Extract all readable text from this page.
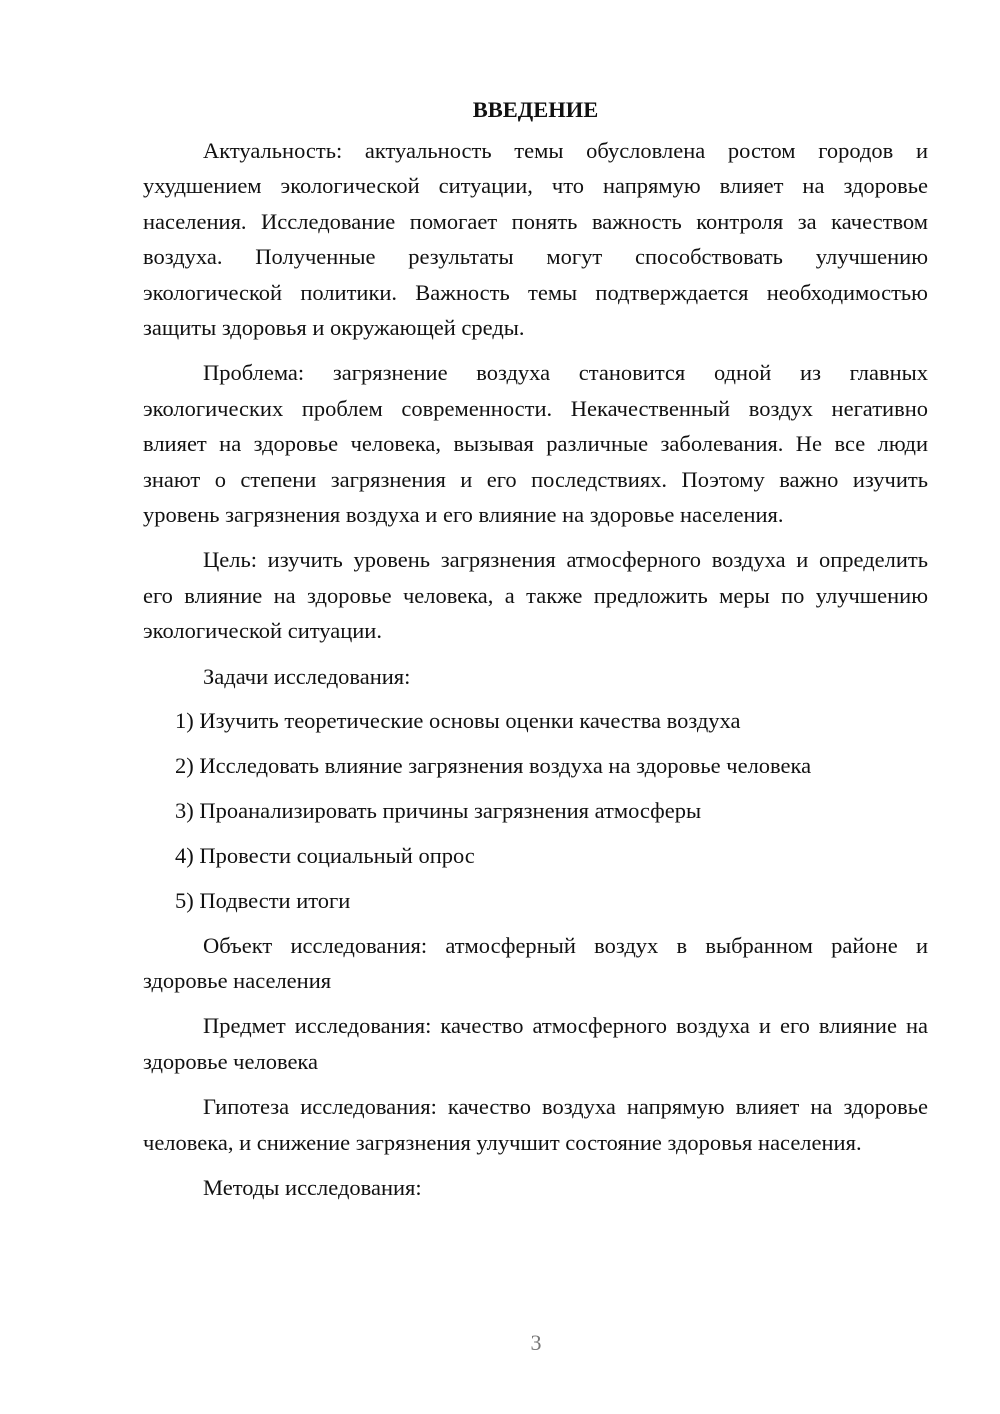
ВВЕДЕНИЕ

Актуальность: актуальность темы обусловлена ростом городов и ухудшением экологической ситуации, что напрямую влияет на здоровье населения. Исследование помогает понять важность контроля за качеством воздуха. Полученные результаты могут способствовать улучшению экологической политики. Важность темы подтверждается необходимостью защиты здоровья и окружающей среды.

Проблема: загрязнение воздуха становится одной из главных экологических проблем современности. Некачественный воздух негативно влияет на здоровье человека, вызывая различные заболевания. Не все люди знают о степени загрязнения и его последствиях. Поэтому важно изучить уровень загрязнения воздуха и его влияние на здоровье населения.

Цель: изучить уровень загрязнения атмосферного воздуха и определить его влияние на здоровье человека, а также предложить меры по улучшению экологической ситуации.

Задачи исследования:

1) Изучить теоретические основы оценки качества воздуха
2) Исследовать влияние загрязнения воздуха на здоровье человека
3) Проанализировать причины загрязнения атмосферы
4) Провести социальный опрос
5) Подвести итоги

Объект исследования: атмосферный воздух в выбранном районе и здоровье населения

Предмет исследования: качество атмосферного воздуха и его влияние на здоровье человека

Гипотеза исследования: качество воздуха напрямую влияет на здоровье человека, и снижение загрязнения улучшит состояние здоровья населения.

Методы исследования:

3
